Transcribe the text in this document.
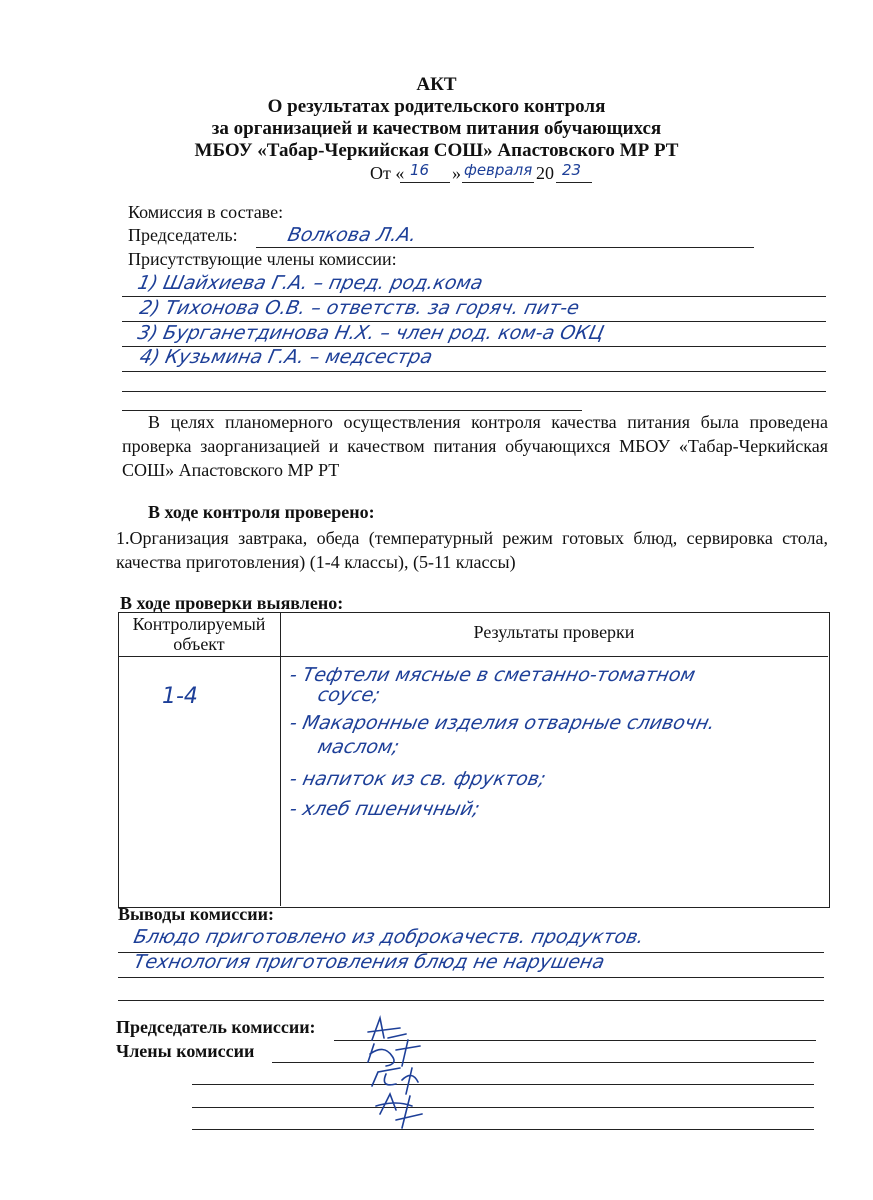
АКТ
О результатах родительского контроля
за организацией и качеством питания обучающихся
МБОУ «Табар-Черкийская СОШ» Апастовского МР РТ
От « 16 » февраля 20 23
Комиссия в составе:
Председатель:	Волкова Л.А.
Присутствующие члены комиссии:
1) Шайхиева Г.А. – пред. род.кома
2) Тихонова О.В. – ответств. за горяч. пит-е
3) Бурганетдинова Н.Х. – член род. ком-а ОКЦ
4) Кузьмина Г.А. – медсестра
В целях планомерного осуществления контроля качества питания была проведена проверка заорганизацией и качеством питания обучающихся МБОУ «Табар-Черкийская СОШ» Апастовского МР РТ
В ходе контроля проверено:
1.Организация завтрака, обеда (температурный режим готовых блюд, сервировка стола, качества приготовления) (1-4 классы), (5-11 классы)
В ходе проверки выявлено:
Контролируемый объект
Результаты проверки
1-4
- Тефтели мясные в сметанно-томатном
соусе;
- Макаронные изделия отварные сливочн.
маслом;
- напиток из св. фруктов;
- хлеб пшеничный;
Выводы комиссии:
Блюдо приготовлено из доброкачеств. продуктов.
Технология приготовления блюд не нарушена
Председатель комиссии:
Члены комиссии
